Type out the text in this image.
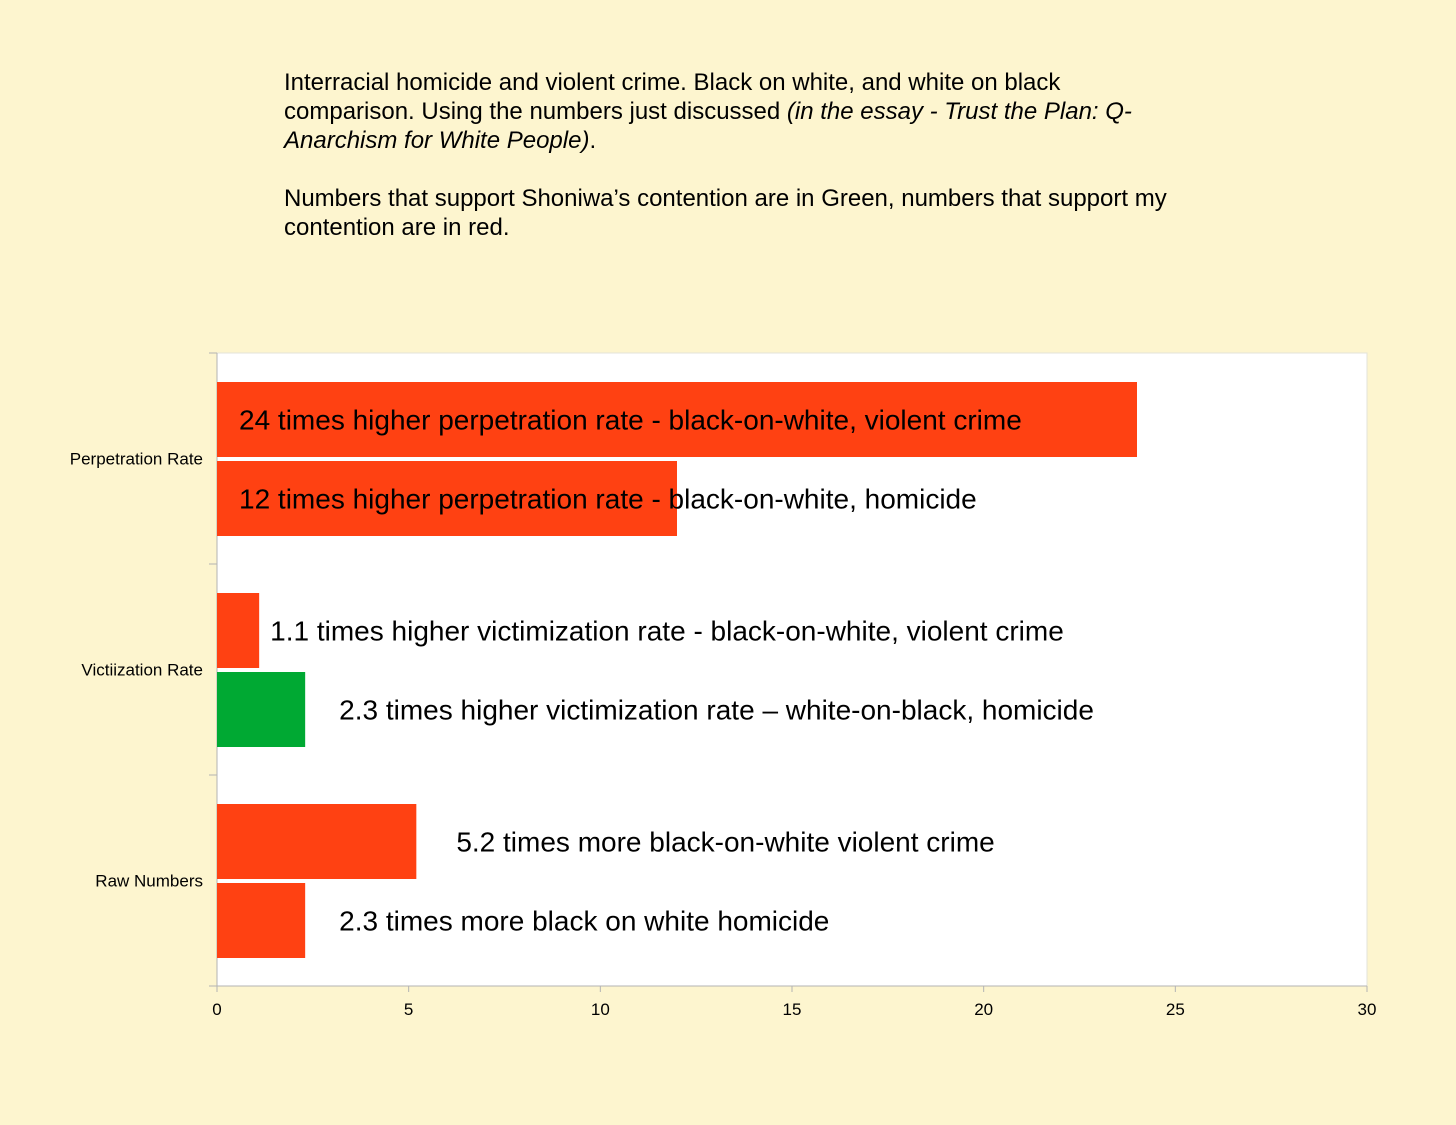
Interracial homicide and violent crime. Black on white, and white on black comparison. Using the numbers just discussed (in the essay - Trust the Plan: Q-Anarchism for White People).

Numbers that support Shoniwa’s contention are in Green, numbers that support my contention are in red.

24 times higher perpetration rate - black-on-white, violent crime
12 times higher perpetration rate - black-on-white, homicide
1.1 times higher victimization rate - black-on-white, violent crime
2.3 times higher victimization rate – white-on-black, homicide
5.2 times more black-on-white violent crime
2.3 times more black on white homicide
Perpetration Rate
Victiization Rate
Raw Numbers
0	5	10	15	20	25	30
